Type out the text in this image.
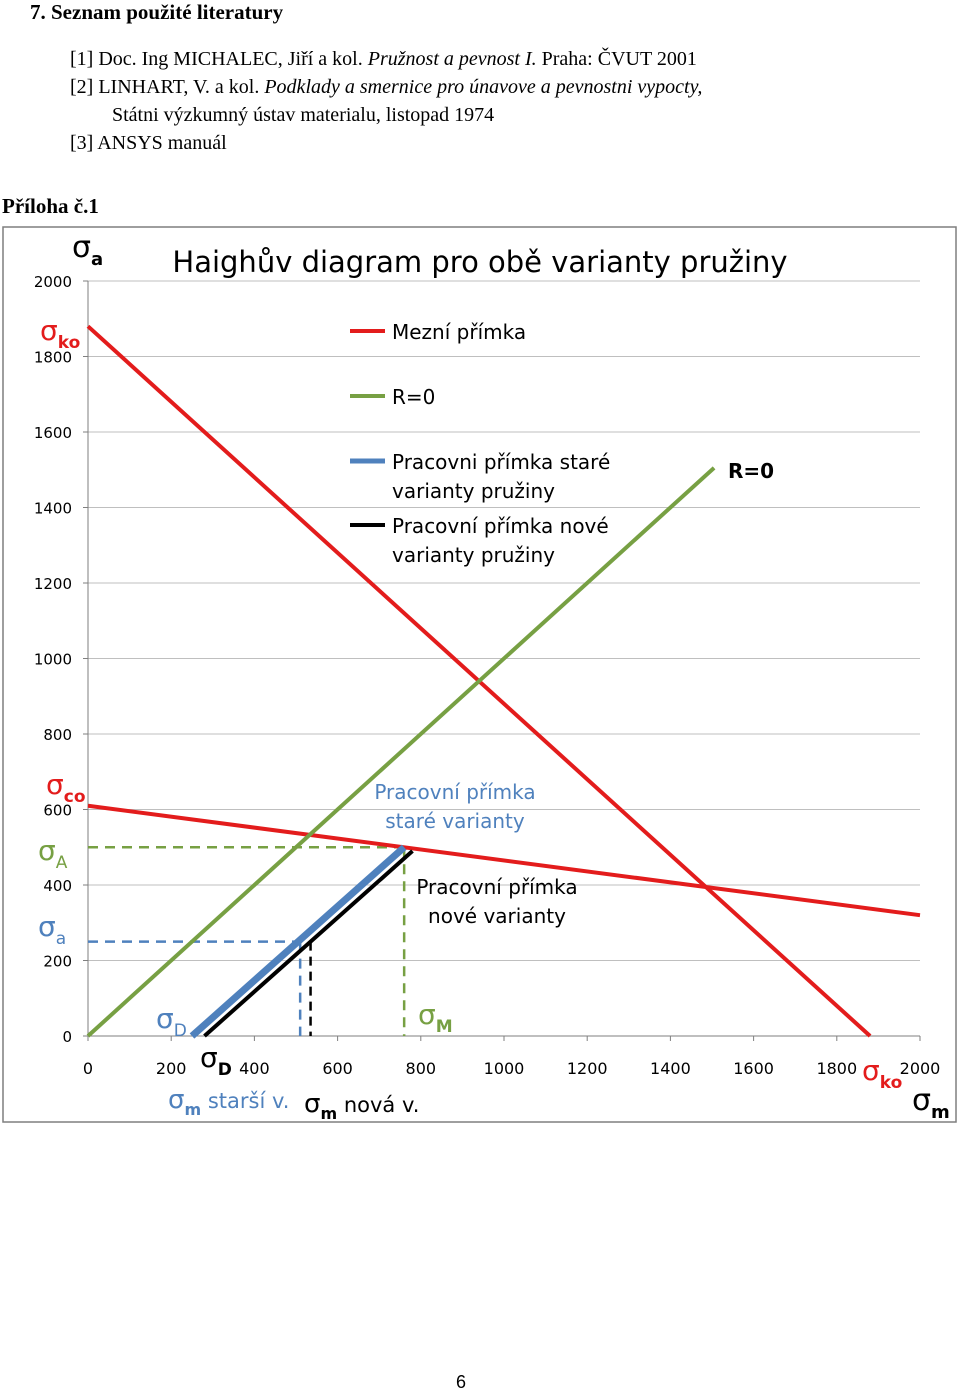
7. Seznam použité literatury
[1] Doc. Ing MICHALEC, Jiří a kol. Pružnost a pevnost I. Praha: ČVUT 2001
[2] LINHART, V. a kol. Podklady a smernice pro únavove a pevnostni vypocty,
Státni výzkumný ústav materialu, listopad 1974
[3] ANSYS manuál
Příloha č.1
0
200
400
600
800
1000
1200
1400
1600
1800
2000
0	200	400	600	800	1000	1200	1400	1600	1800	2000
Haighův diagram pro obě varianty pružiny
Mezní přímka
R=0
Pracovni přímka staré
varianty pružiny
Pracovní přímka nové
varianty pružiny
σa
σko
σco
σA
σa
σD
σD
σM
σm starší v. σm nová v.
σko σm
R=0
Pracovní přímka
staré varianty
Pracovní přímka
nové varianty
6
